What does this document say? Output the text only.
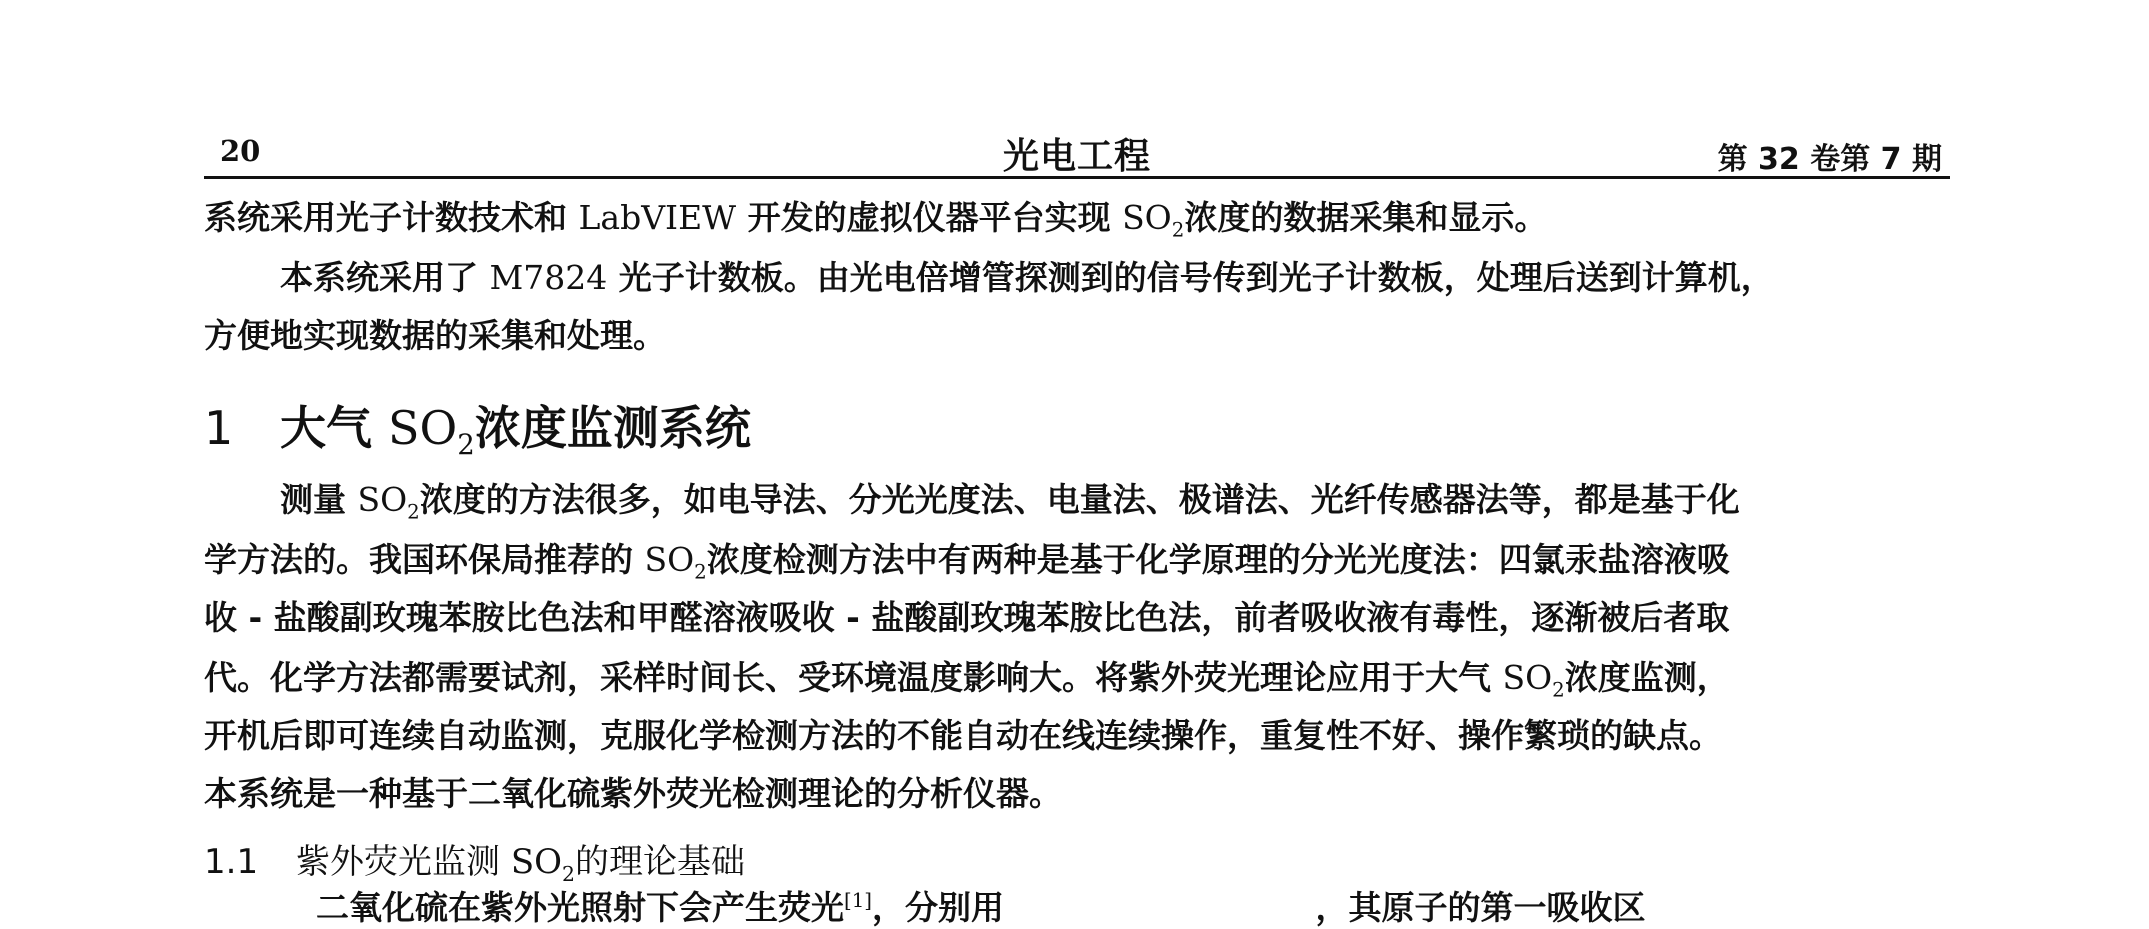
20	光电工程	第 32 卷第 7 期
系统采用光子计数技术和 LabVIEW 开发的虚拟仪器平台实现 $SO_2$浓度的数据采集和显示。
本系统采用了 M7824 光子计数板。由光电倍增管探测到的信号传到光子计数板，处理后送到计算机，
方便地实现数据的采集和处理。
1 大气 $SO_2$浓度监测系统
测量 $SO_2$浓度的方法很多，如电导法、分光光度法、电量法、极谱法、光纤传感器法等，都是基于化
学方法的。我国环保局推荐的 $SO_2$浓度检测方法中有两种是基于化学原理的分光光度法：四氯汞盐溶液吸
收 - 盐酸副玫瑰苯胺比色法和甲醛溶液吸收 - 盐酸副玫瑰苯胺比色法，前者吸收液有毒性，逐渐被后者取
代。化学方法都需要试剂，采样时间长、受环境温度影响大。将紫外荧光理论应用于大气 $SO_2$浓度监测，
开机后即可连续自动监测，克服化学检测方法的不能自动在线连续操作，重复性不好、操作繁琐的缺点。
本系统是一种基于二氧化硫紫外荧光检测理论的分析仪器。
1.1 紫外荧光监测 $SO_2$的理论基础
二氧化硫在紫外光照射下会产生荧光[1]，分别用	，其原子的第一吸收区
